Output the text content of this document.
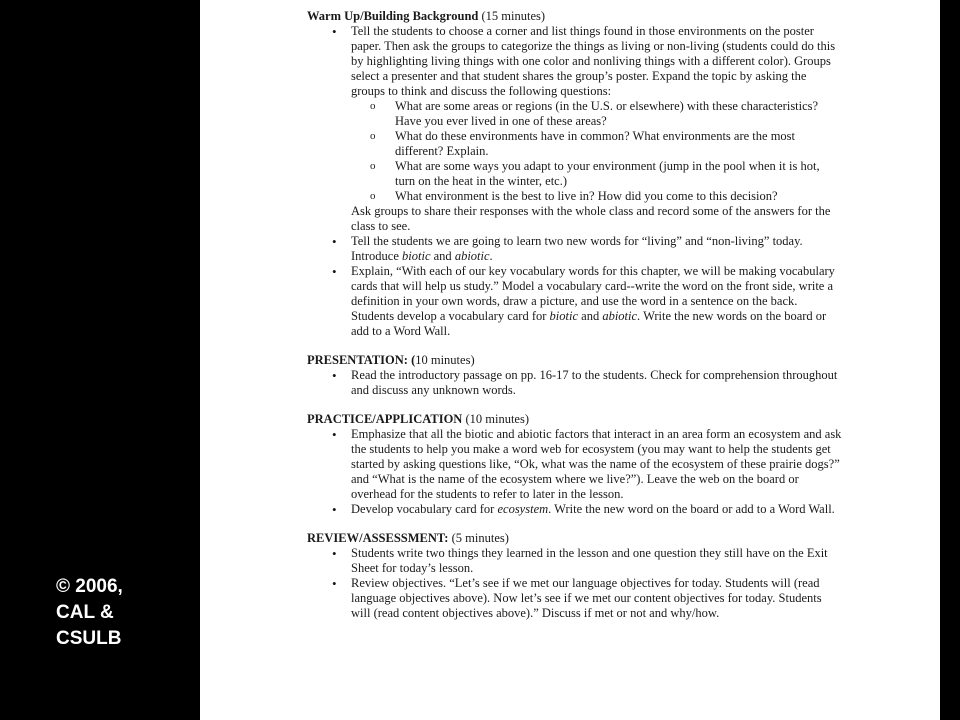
© 2006,
CAL &
CSULB

Warm Up/Building Background (15 minutes)

• Tell the students to choose a corner and list things found in those environments on the poster paper. Then ask the groups to categorize the things as living or non-living (students could do this by highlighting living things with one color and nonliving things with a different color). Groups select a presenter and that student shares the group’s poster. Expand the topic by asking the groups to think and discuss the following questions:
o What are some areas or regions (in the U.S. or elsewhere) with these characteristics? Have you ever lived in one of these areas?
o What do these environments have in common? What environments are the most different? Explain.
o What are some ways you adapt to your environment (jump in the pool when it is hot, turn on the heat in the winter, etc.)
o What environment is the best to live in? How did you come to this decision?

Ask groups to share their responses with the whole class and record some of the answers for the class to see.

• Tell the students we are going to learn two new words for “living” and “non-living” today. Introduce biotic and abiotic.
• Explain, “With each of our key vocabulary words for this chapter, we will be making vocabulary cards that will help us study.” Model a vocabulary card--write the word on the front side, write a definition in your own words, draw a picture, and use the word in a sentence on the back. Students develop a vocabulary card for biotic and abiotic. Write the new words on the board or add to a Word Wall.

PRESENTATION: (10 minutes)

• Read the introductory passage on pp. 16-17 to the students. Check for comprehension throughout and discuss any unknown words.

PRACTICE/APPLICATION (10 minutes)

• Emphasize that all the biotic and abiotic factors that interact in an area form an ecosystem and ask the students to help you make a word web for ecosystem (you may want to help the students get started by asking questions like, “Ok, what was the name of the ecosystem of these prairie dogs?” and “What is the name of the ecosystem where we live?”). Leave the web on the board or overhead for the students to refer to later in the lesson.
• Develop vocabulary card for ecosystem. Write the new word on the board or add to a Word Wall.

REVIEW/ASSESSMENT: (5 minutes)

• Students write two things they learned in the lesson and one question they still have on the Exit Sheet for today’s lesson.
• Review objectives. “Let’s see if we met our language objectives for today. Students will (read language objectives above). Now let’s see if we met our content objectives for today. Students will (read content objectives above).” Discuss if met or not and why/how.
